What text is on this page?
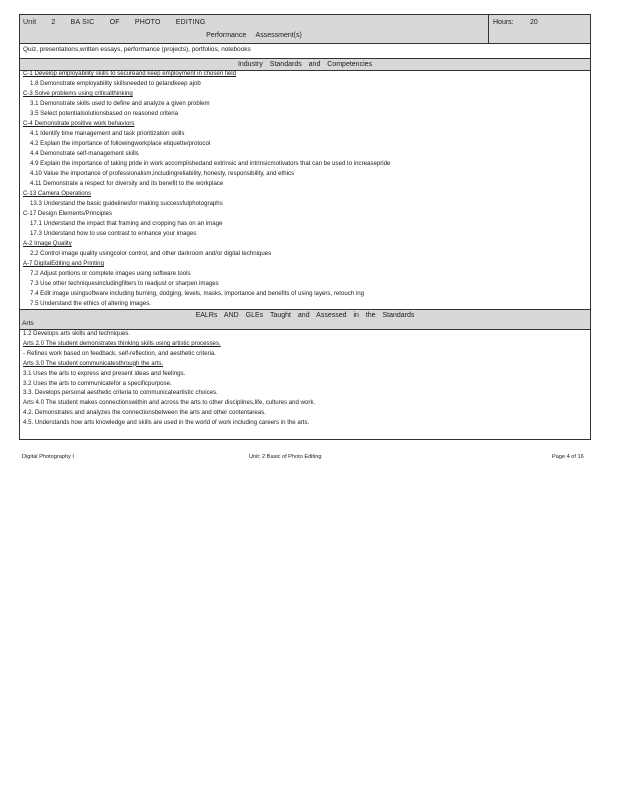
Unit 2 BA SIC OF PHOTO EDITING
Performance     Assessment(s)
Hours: 20
Quiz, presentations,written essays, performance (projects), portfolios, notebooks
Industry Standards and Competencies
C-1 Develop employability skills to secureand keep employment in chosen field
1.8 Demonstrate employability skillsneeded to getandkeep ajob
C-3 Solve problems using criticalthinking
3.1 Demonstrate skills used to define and analyze a given problem
3.5 Select potentialsolutionsbased on reasoned criteria
C-4 Demonstrate positive work behaviors
4.1 Identify time management and task prioritization skills
4.2 Explain the importance of followingworkplace etiquette/protocol
4.4 Demonstrate self-management skills
4.9 Explain the importance of taking pride in work accomplishedand extrinsic and intrinsicmotivators that can be used to increasepride
4.10 Value the importance of professionalism,includingreliability, honesty, responsibility, and ethics
4.11 Demonstrate a respect for diversity and its benefit to the workplace
C-13 Camera Operations
13.3 Understand the basic guidelinesfor making successfulphotographs
C-17 Design Elements/Principles
17.1 Understand the impact that framing and cropping has on an image
17.3 Understand how to use contrast to enhance your images
A-2 Image Quality
2.2 Control image quality usingcolor control, and other darkroom and/or digital techniques
A-7 DigitalEditing and Printing
7.2 Adjust portions or complete images using software tools
7.3 Use other techniquesincludingfilters to readjust or sharpen images
7.4 Edit image usingsoftware including burning, dodging, levels, masks, importance and benefits of using layers, retouch ing
7.5 Understand the ethics of altering images.
EALRs AND GLEs Taught and Assessed in the Standards
Arts
1.2 Develops arts skills and techniques.
Arts 2.0 The student demonstrates thinking skills using artistic processes.
- Refines work based on feedback, self-reflection, and aesthetic criteria.
Arts 3.0 The student communicatesthrough the arts.
3.1 Uses the arts to express and present ideas and feelings.
3.2 Uses the arts to communicatefor a specificpurpose.
3.3. Develops personal aesthetic criteria to communicateartistic choices.
Arts 4.0 The student makes connectionswithin and across the arts to other disciplines,life, cultures and work.
4.2. Demonstrates and analyzes the connectionsbetween the arts and other contentareas.
4.5. Understands how arts knowledge and skills are used in the world of work including careers in the arts.
Digital Photography I	Unit: 2 Basic of Photo Editing	Page 4 of 16
